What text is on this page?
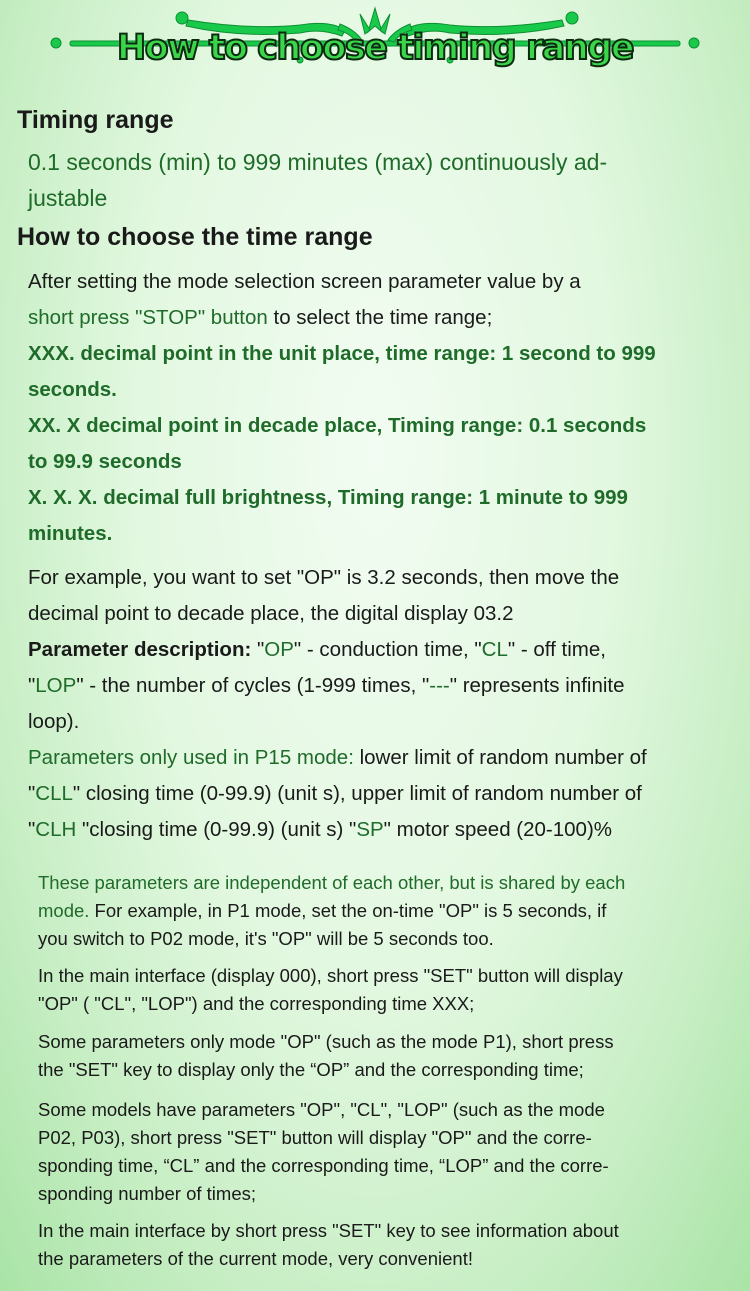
How to choose timing range
Timing range
0.1 seconds (min) to 999 minutes (max) continuously ad-
justable
How to choose the time range
After setting the mode selection screen parameter value by a
short press "STOP" button to select the time range;
XXX. decimal point in the unit place, time range: 1 second to 999
seconds.
XX. X decimal point in decade place, Timing range: 0.1 seconds
to 99.9 seconds
X. X. X. decimal full brightness, Timing range: 1 minute to 999
minutes.
For example, you want to set "OP" is 3.2 seconds, then move the
decimal point to decade place, the digital display 03.2
Parameter description: "OP" - conduction time, "CL" - off time,
"LOP" - the number of cycles (1-999 times, "---" represents infinite
loop).
Parameters only used in P15 mode: lower limit of random number of
"CLL" closing time (0-99.9) (unit s), upper limit of random number of
"CLH "closing time (0-99.9) (unit s) "SP" motor speed (20-100)%
These parameters are independent of each other, but is shared by each
mode. For example, in P1 mode, set the on-time "OP" is 5 seconds, if
you switch to P02 mode, it's "OP" will be 5 seconds too.
In the main interface (display 000), short press "SET" button will display
"OP" ( "CL", "LOP") and the corresponding time XXX;
Some parameters only mode "OP" (such as the mode P1), short press
the "SET" key to display only the “OP” and the corresponding time;
Some models have parameters "OP", "CL", "LOP" (such as the mode
P02, P03), short press "SET" button will display "OP" and the corre-
sponding time, “CL” and the corresponding time, “LOP” and the corre-
sponding number of times;
In the main interface by short press "SET" key to see information about
the parameters of the current mode, very convenient!
